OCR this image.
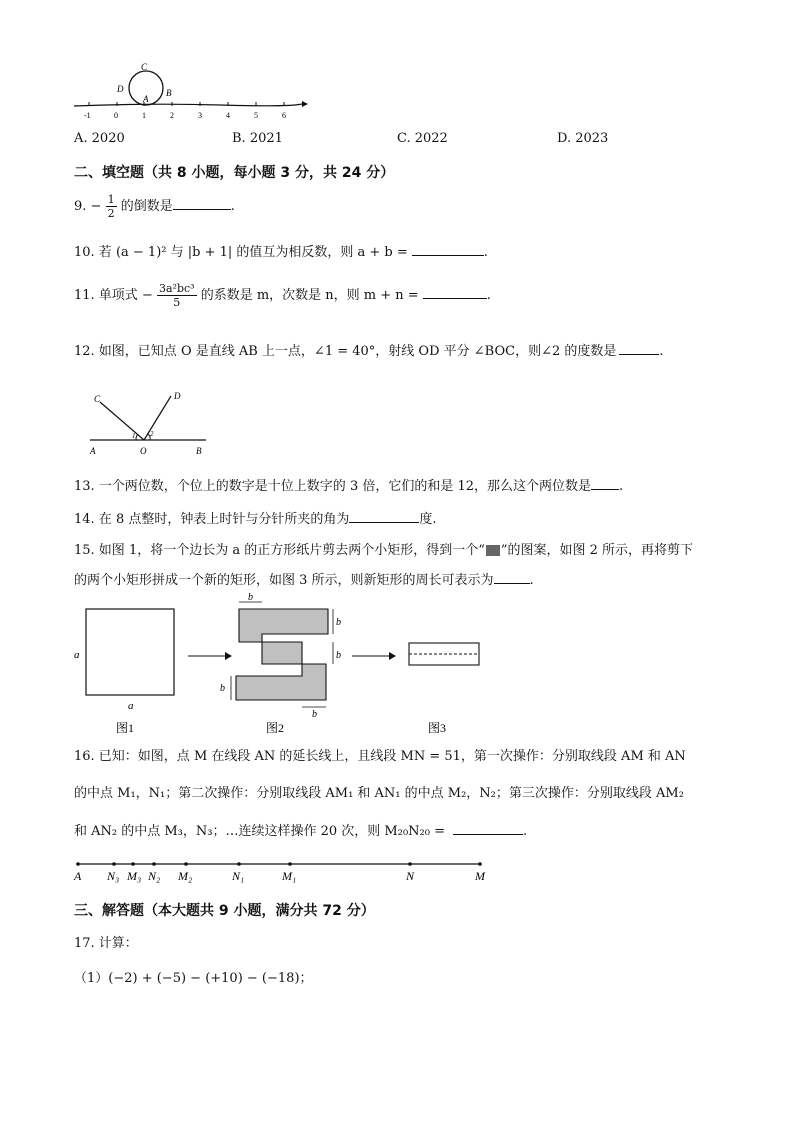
C
D
A
B
-1	0	1	2	3	4	5	6
A. 2020	B. 2021	C. 2022	D. 2023
二、填空题（共 8 小题，每小题 3 分，共 24 分）
9. − $\frac{1}{2}$ 的倒数是	.
10. 若 (a − 1)² 与 |b + 1| 的值互为相反数，则 a + b =	.
11. 单项式 − $\frac{\text{3a²bc³}}{5}$ 的系数是 m，次数是 n，则 m + n =	.
12. 如图，已知点 O 是直线 AB 上一点，∠1 = 40°，射线 OD 平分 ∠BOC，则∠2 的度数是	.
C	D
A	O	B
1 2
13. 一个两位数，个位上的数字是十位上数字的 3 倍，它们的和是 12，那么这个两位数是 .
14. 在 8 点整时，钟表上时针与分针所夹的角为	度.
15. 如图 1，将一个边长为 a 的正方形纸片剪去两个小矩形，得到一个“ ”的图案，如图 2 所示，再将剪下
的两个小矩形拼成一个新的矩形，如图 3 所示，则新矩形的周长可表示为	.
a
a
b
b
b
b
b
图1	图2	图3
16. 已知：如图，点 M 在线段 AN 的延长线上，且线段 MN = 51，第一次操作：分别取线段 AM 和 AN
的中点 M₁，N₁；第二次操作：分别取线段 AM₁ 和 AN₁ 的中点 M₂，N₂；第三次操作：分别取线段 AM₂
和 AN₂ 的中点 M₃，N₃；…连续这样操作 20 次，则 M₂₀N₂₀ =	.
A N₃ M₃ N₂ M₂	N₁	M₁	N	M
三、解答题（本大题共 9 小题，满分共 72 分）
17. 计算：
（1）(−2) + (−5) − (+10) − (−18)；
